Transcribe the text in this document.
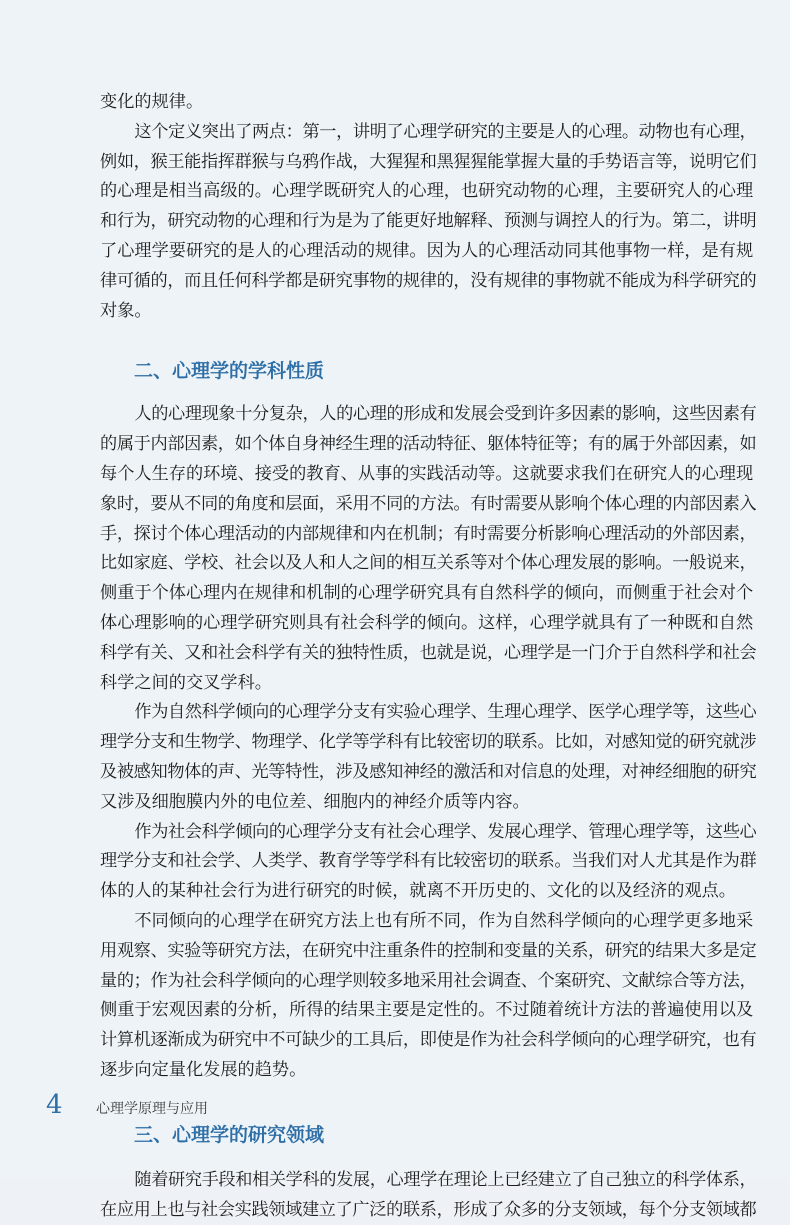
变化的规律。

这个定义突出了两点：第一，讲明了心理学研究的主要是人的心理。动物也有心理，
例如，猴王能指挥群猴与乌鸦作战，大猩猩和黑猩猩能掌握大量的手势语言等，说明它们
的心理是相当高级的。心理学既研究人的心理，也研究动物的心理，主要研究人的心理
和行为，研究动物的心理和行为是为了能更好地解释、预测与调控人的行为。第二，讲明
了心理学要研究的是人的心理活动的规律。因为人的心理活动同其他事物一样，是有规
律可循的，而且任何科学都是研究事物的规律的，没有规律的事物就不能成为科学研究的
对象。

二、心理学的学科性质

人的心理现象十分复杂，人的心理的形成和发展会受到许多因素的影响，这些因素有
的属于内部因素，如个体自身神经生理的活动特征、躯体特征等；有的属于外部因素，如
每个人生存的环境、接受的教育、从事的实践活动等。这就要求我们在研究人的心理现
象时，要从不同的角度和层面，采用不同的方法。有时需要从影响个体心理的内部因素入
手，探讨个体心理活动的内部规律和内在机制；有时需要分析影响心理活动的外部因素，
比如家庭、学校、社会以及人和人之间的相互关系等对个体心理发展的影响。一般说来，
侧重于个体心理内在规律和机制的心理学研究具有自然科学的倾向，而侧重于社会对个
体心理影响的心理学研究则具有社会科学的倾向。这样，心理学就具有了一种既和自然
科学有关、又和社会科学有关的独特性质，也就是说，心理学是一门介于自然科学和社会
科学之间的交叉学科。

作为自然科学倾向的心理学分支有实验心理学、生理心理学、医学心理学等，这些心
理学分支和生物学、物理学、化学等学科有比较密切的联系。比如，对感知觉的研究就涉
及被感知物体的声、光等特性，涉及感知神经的激活和对信息的处理，对神经细胞的研究
又涉及细胞膜内外的电位差、细胞内的神经介质等内容。

作为社会科学倾向的心理学分支有社会心理学、发展心理学、管理心理学等，这些心
理学分支和社会学、人类学、教育学等学科有比较密切的联系。当我们对人尤其是作为群
体的人的某种社会行为进行研究的时候，就离不开历史的、文化的以及经济的观点。

不同倾向的心理学在研究方法上也有所不同，作为自然科学倾向的心理学更多地采
用观察、实验等研究方法，在研究中注重条件的控制和变量的关系，研究的结果大多是定
量的；作为社会科学倾向的心理学则较多地采用社会调查、个案研究、文献综合等方法，
侧重于宏观因素的分析，所得的结果主要是定性的。不过随着统计方法的普遍使用以及
计算机逐渐成为研究中不可缺少的工具后，即使是作为社会科学倾向的心理学研究，也有
逐步向定量化发展的趋势。

三、心理学的研究领域

随着研究手段和相关学科的发展，心理学在理论上已经建立了自己独立的科学体系，
在应用上也与社会实践领域建立了广泛的联系，形成了众多的分支领域，每个分支领域都

4	心理学原理与应用
